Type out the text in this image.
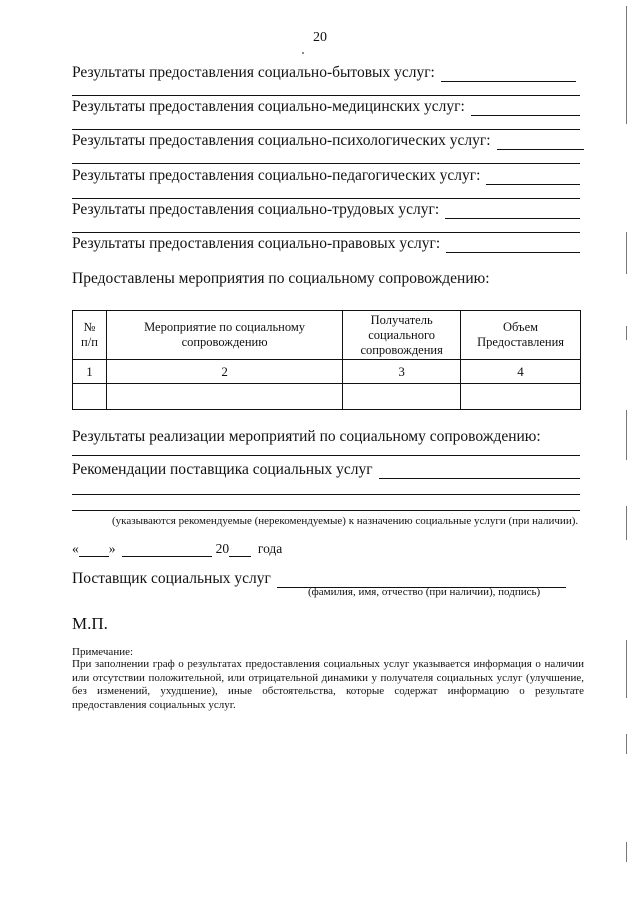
20
Результаты предоставления социально-бытовых услуг:
Результаты предоставления социально-медицинских услуг:
Результаты предоставления социально-психологических услуг:
Результаты предоставления социально-педагогических услуг:
Результаты предоставления социально-трудовых услуг:
Результаты предоставления социально-правовых услуг:
Предоставлены мероприятия по социальному сопровождению:
№ п/п	Мероприятие по социальному сопровождению	Получатель социального сопровождения	Объем Предоставления
1	2	3	4

Результаты реализации мероприятий по социальному сопровождению:
Рекомендации поставщика социальных услуг
(указываются рекомендуемые (нерекомендуемые) к назначению социальные услуги (при наличии).
« »	20 года
Поставщик социальных услуг
(фамилия, имя, отчество (при наличии), подпись)
М.П.
Примечание:
При заполнении граф о результатах предоставления социальных услуг указывается информация о наличии или отсутствии положительной, или отрицательной динамики у получателя социальных услуг (улучшение, без изменений, ухудшение), иные обстоятельства, которые содержат информацию о результате предоставления социальных услуг.
